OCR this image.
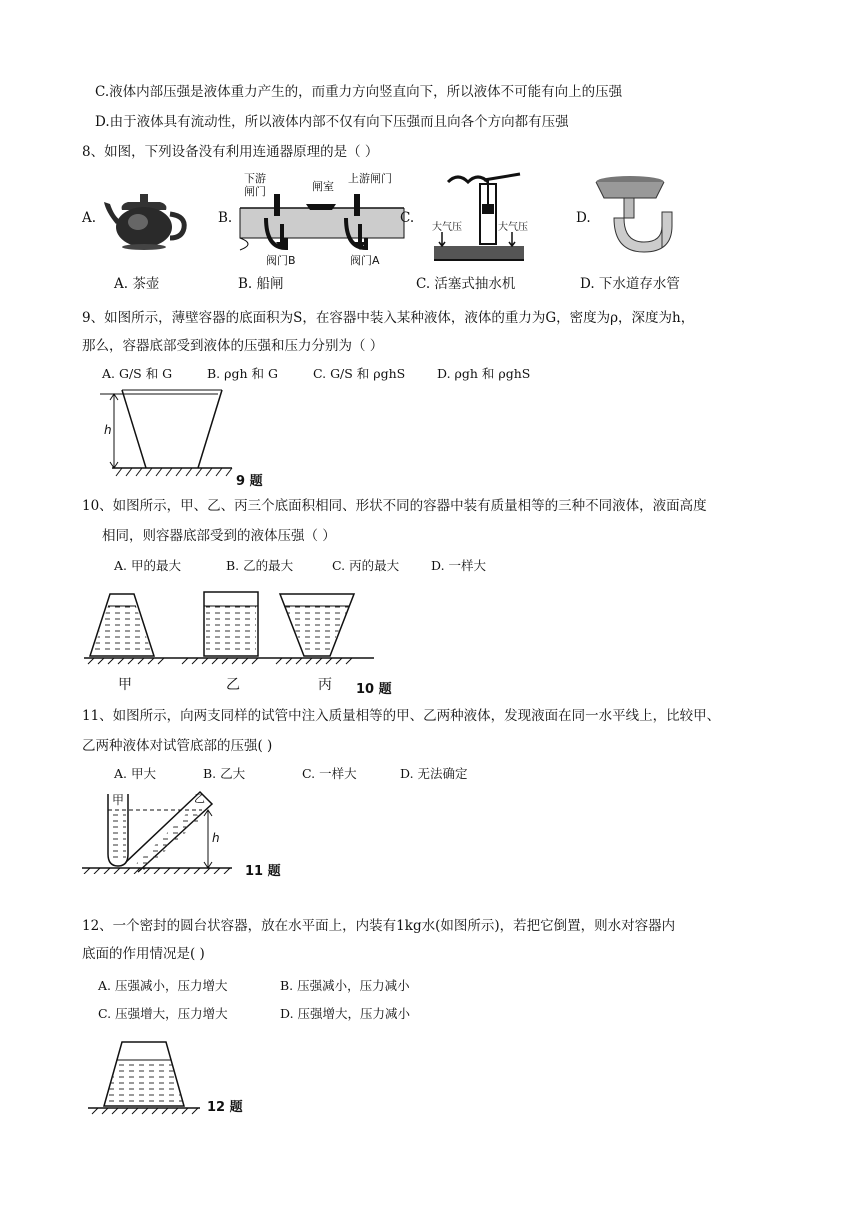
C.液体内部压强是液体重力产生的，而重力方向竖直向下，所以液体不可能有向上的压强
D.由于液体具有流动性，所以液体内部不仅有向下压强而且向各个方向都有压强
8、如图，下列设备没有利用连通器原理的是（ ）
A.	B.
下游
闸门	闸室
上游闸门
阀门B	阀门A
C.
大气压	大气压
D.
A. 茶壶	B. 船闸	C. 活塞式抽水机	D. 下水道存水管
9、如图所示，薄壁容器的底面积为S，在容器中装入某种液体，液体的重力为G，密度为ρ，深度为h，
那么，容器底部受到液体的压强和压力分别为（ ）
A. G/S 和 G	B. ρgh 和 G	C. G/S 和 ρghS	D. ρgh 和 ρghS
h
9 题
10、如图所示，甲、乙、丙三个底面积相同、形状不同的容器中装有质量相等的三种不同液体，液面高度
相同，则容器底部受到的液体压强（ ）
A. 甲的最大	B. 乙的最大	C. 丙的最大	D. 一样大
甲	乙	丙 10 题
11、如图所示，向两支同样的试管中注入质量相等的甲、乙两种液体，发现液面在同一水平线上，比较甲、
乙两种液体对试管底部的压强( )
A. 甲大	B. 乙大	C. 一样大	D. 无法确定
甲	乙
h
11 题
12、一个密封的圆台状容器，放在水平面上，内装有1kg水(如图所示)，若把它倒置，则水对容器内
底面的作用情况是( )
A. 压强减小，压力增大	B. 压强减小，压力减小
C. 压强增大，压力增大	D. 压强增大，压力减小
12 题
